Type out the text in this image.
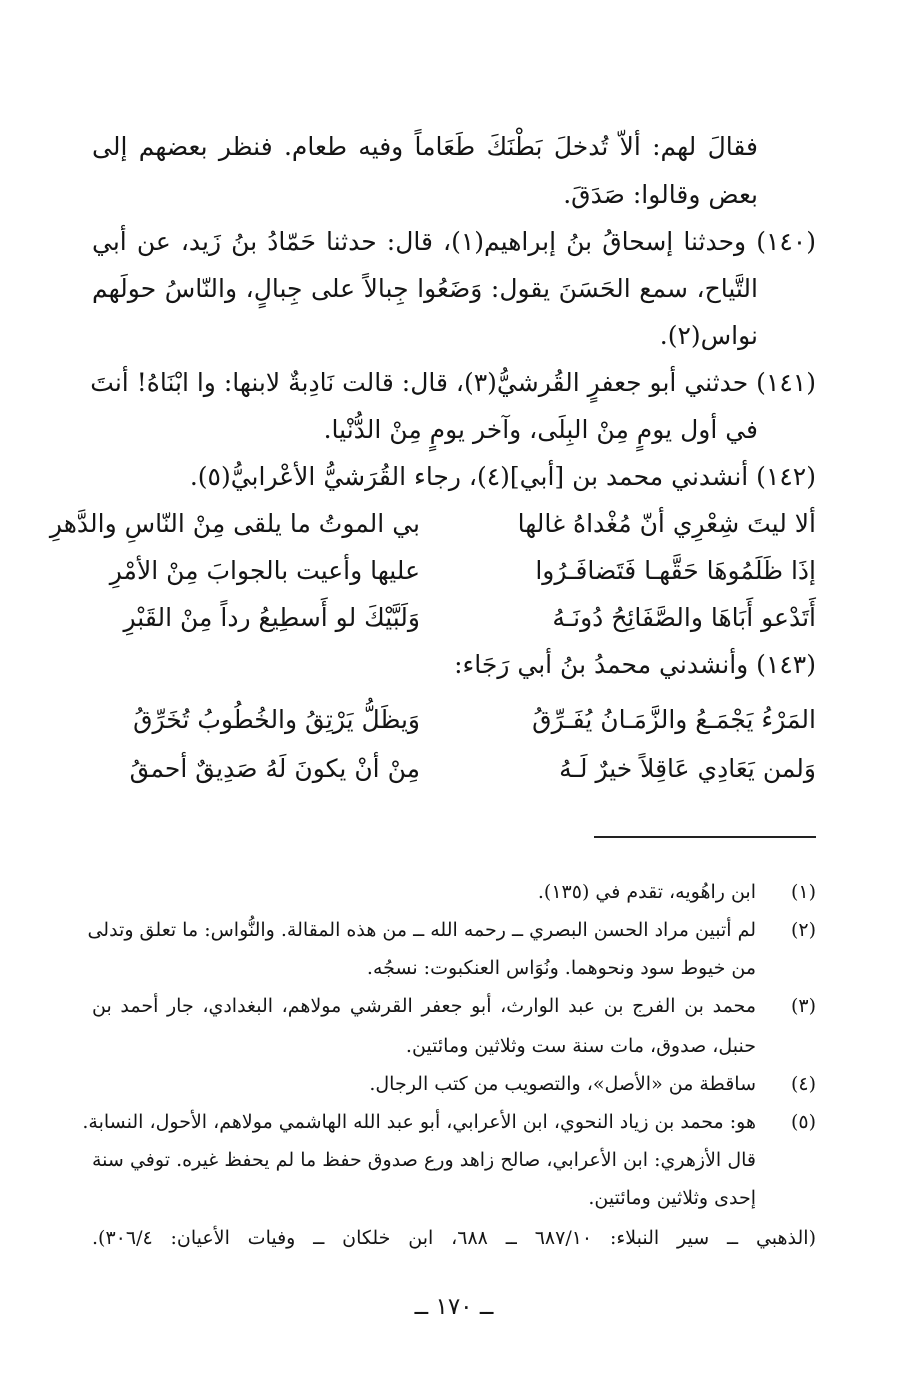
فقالَ لهم: ألاّ تُدخلَ بَطْنَكَ طَعَاماً وفيه طعام. فنظر بعضهم إلى

بعض وقالوا: صَدَقَ.

(١٤٠) وحدثنا إسحاقُ بنُ إبراهيم(١)، قال: حدثنا حَمّادُ بنُ زَيد، عن أبي

التَّياح، سمع الحَسَنَ يقول: وَضَعُوا جِبالاً على جِبالٍ، والنّاسُ حولَهم

نواس(٢).

(١٤١) حدثني أبو جعفرٍ القُرشيُّ(٣)، قال: قالت نَادِبةٌ لابنها: وا ابْنَاهُ! أنتَ

في أول يومٍ مِنْ البِلَى، وآخر يومٍ مِنْ الدُّنْيا.

(١٤٢) أنشدني محمد بن [أبي](٤)، رجاء القُرَشيُّ الأعْرابيُّ(٥).

ألا ليتَ شِعْرِي أنّ مُغْداهُ غالها
بي الموتُ ما يلقى مِنْ النّاسِ والدَّهرِ
إذَا ظَلَمُوهَا حَقَّهـا فَتَضافَـرُوا
عليها وأعيت بالجوابَ مِنْ الأمْرِ
أَتَدْعو أَبَاهَا والصَّفَائِحُ دُونَـهُ
وَلَبَّيْكَ لو أَسطِيعُ رداً مِنْ القَبْرِ

(١٤٣) وأنشدني محمدُ بنُ أبي رَجَاء:

المَرْءُ يَجْمَـعُ والزَّمَـانُ يُفَـرِّقُ
وَيظَلُّ يَرْتِقُ والخُطُوبُ تُخَرِّقُ
وَلمن يَعَادِي عَاقِلاً خيرٌ لَـهُ
مِنْ أنْ يكونَ لَهُ صَدِيقٌ أحمقُ
(١)
ابن راهُويه، تقدم في (١٣٥).
(٢)
لم أتبين مراد الحسن البصري ــ رحمه الله ــ من هذه المقالة. والنُّواس: ما تعلق وتدلى
من خيوط سود ونحوهما. ونُوَاس العنكبوت: نسجُه.
(٣)
محمد بن الفرج بن عبد الوارث، أبو جعفر القرشي مولاهم، البغدادي، جار أحمد بن
حنبل، صدوق، مات سنة ست وثلاثين ومائتين.
(٤)
ساقطة من «الأصل»، والتصويب من كتب الرجال.
(٥)
هو: محمد بن زياد النحوي، ابن الأعرابي، أبو عبد الله الهاشمي مولاهم، الأحول، النسابة.
قال الأزهري: ابن الأعرابي، صالح زاهد ورع صدوق حفظ ما لم يحفظ غيره. توفي سنة
إحدى وثلاثين ومائتين.
(الذهبي ــ سير النبلاء: ٦٨٧/١٠ ــ ٦٨٨، ابن خلكان ــ وفيات الأعيان: ٣٠٦/٤).
ــ ١٧٠ ــ
